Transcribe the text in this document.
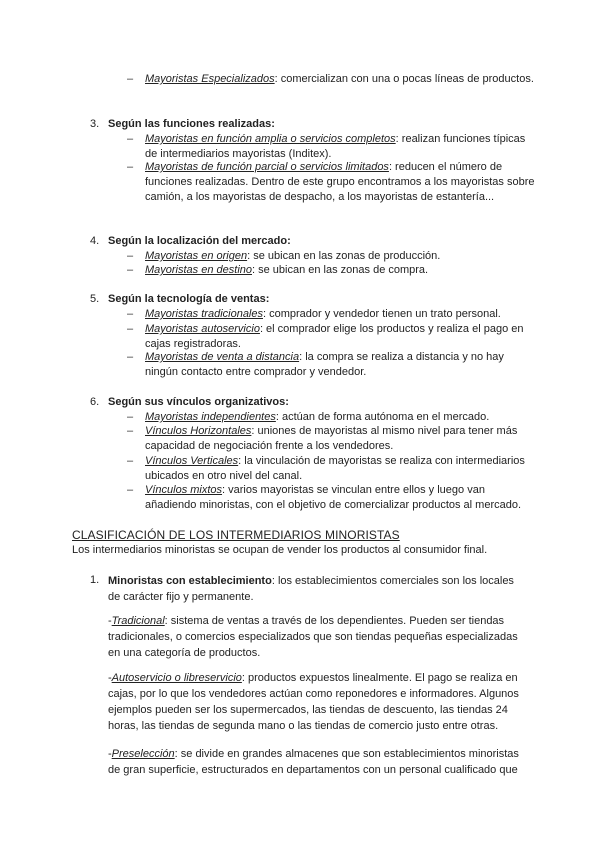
– Mayoristas Especializados: comercializan con una o pocas líneas de productos.
3. Según las funciones realizadas:
– Mayoristas en función amplia o servicios completos: realizan funciones típicas de intermediarios mayoristas (Inditex).
– Mayoristas de función parcial o servicios limitados: reducen el número de funciones realizadas. Dentro de este grupo encontramos a los mayoristas sobre camión, a los mayoristas de despacho, a los mayoristas de estantería...
4. Según la localización del mercado:
– Mayoristas en origen: se ubican en las zonas de producción.
– Mayoristas en destino: se ubican en las zonas de compra.
5. Según la tecnología de ventas:
– Mayoristas tradicionales: comprador y vendedor tienen un trato personal.
– Mayoristas autoservicio: el comprador elige los productos y realiza el pago en cajas registradoras.
– Mayoristas de venta a distancia: la compra se realiza a distancia y no hay ningún contacto entre comprador y vendedor.
6. Según sus vínculos organizativos:
– Mayoristas independientes: actúan de forma autónoma en el mercado.
– Vínculos Horizontales: uniones de mayoristas al mismo nivel para tener más capacidad de negociación frente a los vendedores.
– Vínculos Verticales: la vinculación de mayoristas se realiza con intermediarios ubicados en otro nivel del canal.
– Vínculos mixtos: varios mayoristas se vinculan entre ellos y luego van añadiendo minoristas, con el objetivo de comercializar productos al mercado.
CLASIFICACIÓN DE LOS INTERMEDIARIOS MINORISTAS
Los intermediarios minoristas se ocupan de vender los productos al consumidor final.
1. Minoristas con establecimiento: los establecimientos comerciales son los locales de carácter fijo y permanente.
-Tradicional: sistema de ventas a través de los dependientes. Pueden ser tiendas tradicionales, o comercios especializados que son tiendas pequeñas especializadas en una categoría de productos.
-Autoservicio o libreservicio: productos expuestos linealmente. El pago se realiza en cajas, por lo que los vendedores actúan como reponedores e informadores. Algunos ejemplos pueden ser los supermercados, las tiendas de descuento, las tiendas 24 horas, las tiendas de segunda mano o las tiendas de comercio justo entre otras.
-Preselección: se divide en grandes almacenes que son establecimientos minoristas de gran superficie, estructurados en departamentos con un personal cualificado que
